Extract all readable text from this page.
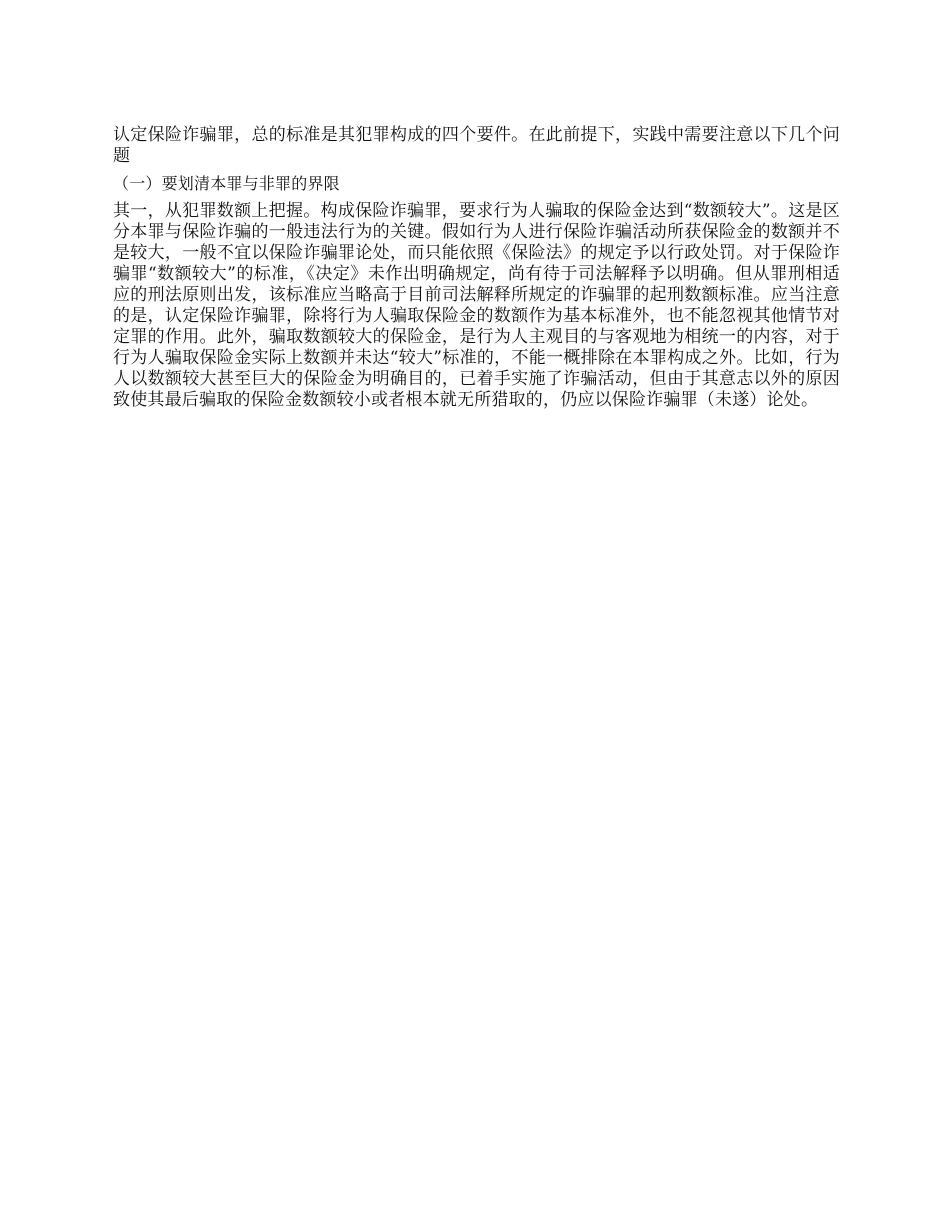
认定保险诈骗罪，总的标准是其犯罪构成的四个要件。在此前提下，实践中需要注意以下几个问题

（一）要划清本罪与非罪的界限

其一，从犯罪数额上把握。构成保险诈骗罪，要求行为人骗取的保险金达到“数额较大”。这是区分本罪与保险诈骗的一般违法行为的关键。假如行为人进行保险诈骗活动所获保险金的数额并不是较大，一般不宜以保险诈骗罪论处，而只能依照《保险法》的规定予以行政处罚。对于保险诈骗罪“数额较大”的标准，《决定》未作出明确规定，尚有待于司法解释予以明确。但从罪刑相适应的刑法原则出发，该标准应当略高于目前司法解释所规定的诈骗罪的起刑数额标准。应当注意的是，认定保险诈骗罪，除将行为人骗取保险金的数额作为基本标准外，也不能忽视其他情节对定罪的作用。此外，骗取数额较大的保险金，是行为人主观目的与客观地为相统一的内容，对于行为人骗取保险金实际上数额并未达“较大”标准的，不能一概排除在本罪构成之外。比如，行为人以数额较大甚至巨大的保险金为明确目的，已着手实施了诈骗活动，但由于其意志以外的原因致使其最后骗取的保险金数额较小或者根本就无所猎取的，仍应以保险诈骗罪（未遂）论处。
